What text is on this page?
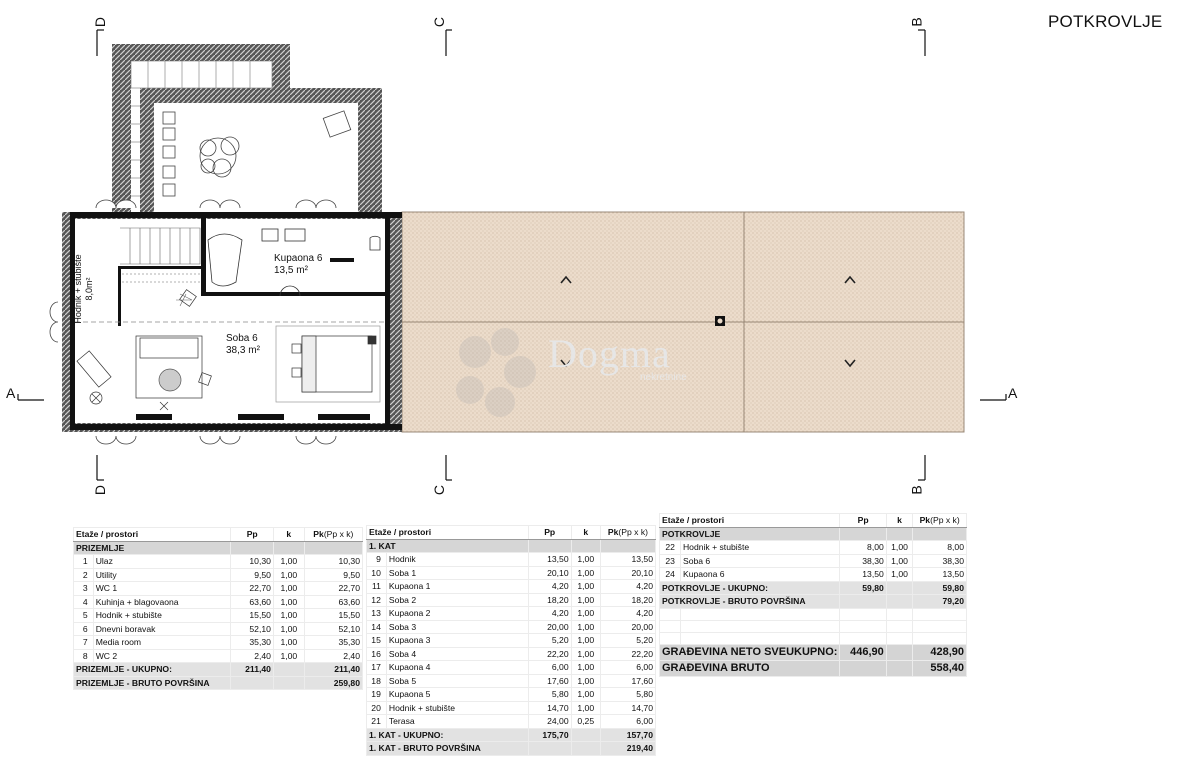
POTKROVLJE
D	C	B
D	C	B
A	A
Kupaona 6
13,5 m²
Soba 6
38,3 m²
Hodnik + stubište 8,0m²
Dogma
nekretnine
Etaže / prostori		Pp	k	Pk(Pp x k)
PRIZEMLJE				
1	Ulaz	10,30	1,00	10,30
2	Utility	9,50	1,00	9,50
3	WC 1	22,70	1,00	22,70
4	Kuhinja + blagovaona	63,60	1,00	63,60
5	Hodnik + stubište	15,50	1,00	15,50
6	Dnevni boravak	52,10	1,00	52,10
7	Media room	35,30	1,00	35,30
8	WC 2	2,40	1,00	2,40
PRIZEMLJE - UKUPNO:		211,40		211,40
PRIZEMLJE - BRUTO POVRŠINA				259,80
Etaže / prostori		Pp	k	Pk(Pp x k)
1. KAT				
9	Hodnik	13,50	1,00	13,50
10	Soba 1	20,10	1,00	20,10
11	Kupaona 1	4,20	1,00	4,20
12	Soba 2	18,20	1,00	18,20
13	Kupaona 2	4,20	1,00	4,20
14	Soba 3	20,00	1,00	20,00
15	Kupaona 3	5,20	1,00	5,20
16	Soba 4	22,20	1,00	22,20
17	Kupaona 4	6,00	1,00	6,00
18	Soba 5	17,60	1,00	17,60
19	Kupaona 5	5,80	1,00	5,80
20	Hodnik + stubište	14,70	1,00	14,70
21	Terasa	24,00	0,25	6,00
1. KAT - UKUPNO:		175,70		157,70
1. KAT - BRUTO POVRŠINA				219,40
Etaže / prostori		Pp	k	Pk(Pp x k)
POTKROVLJE				
22	Hodnik + stubište	8,00	1,00	8,00
23	Soba 6	38,30	1,00	38,30
24	Kupaona 6	13,50	1,00	13,50
POTKROVLJE - UKUPNO:		59,80		59,80
POTKROVLJE - BRUTO POVRŠINA				79,20

GRAĐEVINA NETO SVEUKUPNO:		446,90		428,90
GRAĐEVINA BRUTO				558,40
